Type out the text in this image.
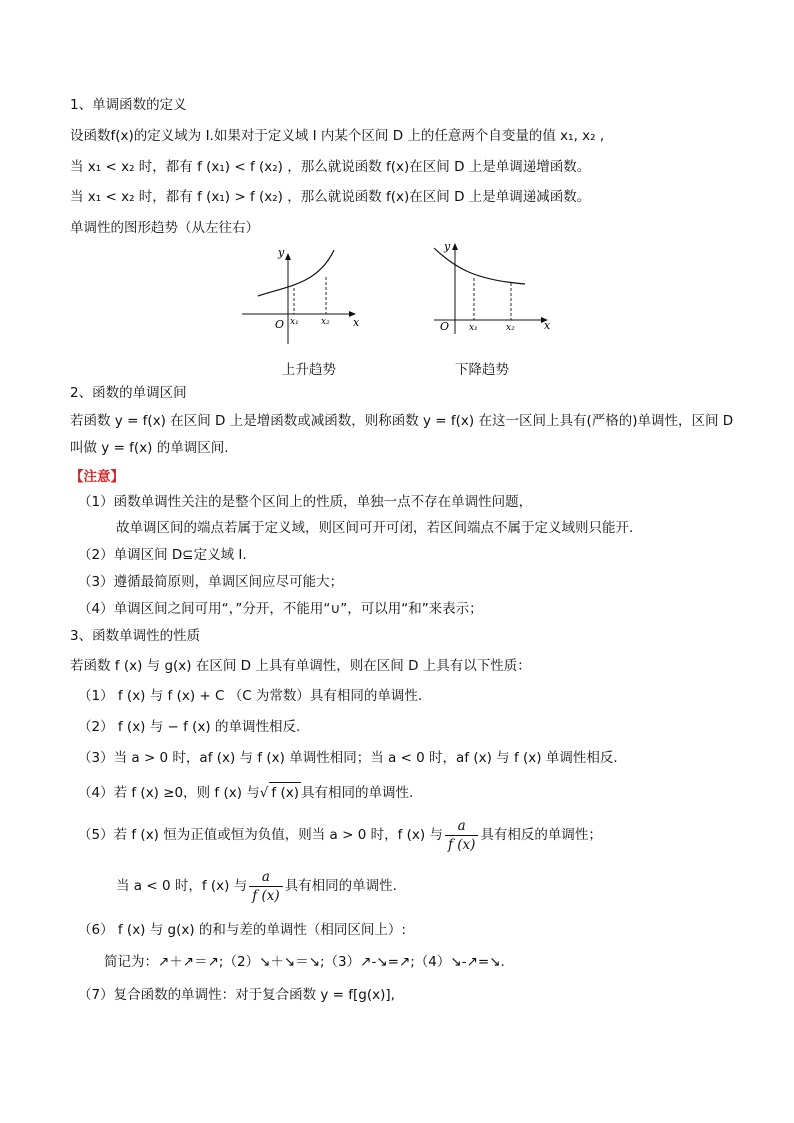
1、单调函数的定义
设函数f(x)的定义域为 I.如果对于定义域 I 内某个区间 D 上的任意两个自变量的值 x₁, x₂ ,
当 x₁ < x₂ 时，都有 f (x₁) < f (x₂) ，那么就说函数 f(x)在区间 D 上是单调递增函数。
当 x₁ < x₂ 时，都有 f (x₁) > f (x₂) ，那么就说函数 f(x)在区间 D 上是单调递减函数。
单调性的图形趋势（从左往右）
y
x
O x₁ x₂
y
x
O x₁	x₂
上升趋势	下降趋势
2、函数的单调区间
若函数 y = f(x) 在区间 D 上是增函数或减函数，则称函数 y = f(x) 在这一区间上具有(严格的)单调性，区间 D
叫做 y = f(x) 的单调区间.
【注意】
（1）函数单调性关注的是整个区间上的性质，单独一点不存在单调性问题，
故单调区间的端点若属于定义域，则区间可开可闭，若区间端点不属于定义域则只能开．
（2）单调区间 D⊆定义域 I.
（3）遵循最简原则，单调区间应尽可能大；
（4）单调区间之间可用“，”分开，不能用“∪”，可以用“和”来表示；
3、函数单调性的性质
若函数 f (x) 与 g(x) 在区间 D 上具有单调性，则在区间 D 上具有以下性质：
（1） f (x) 与 f (x) + C （C 为常数）具有相同的单调性.
（2） f (x) 与 − f (x) 的单调性相反.
（3）当 a > 0 时，af (x) 与 f (x) 单调性相同；当 a < 0 时，af (x) 与 f (x) 单调性相反.
（4）若 f (x) ≥0，则 f (x) 与√ f (x) 具有相同的单调性.
（5）若 f (x) 恒为正值或恒为负值，则当 a > 0 时，f (x) 与 $\frac{a}{f (x)}$ 具有相反的单调性；
当 a < 0 时，f (x) 与 $\frac{a}{f (x)}$ 具有相同的单调性.
（6） f (x) 与 g(x) 的和与差的单调性（相同区间上）:
简记为：↗＋↗＝↗;（2）↘＋↘＝↘;（3）↗-↘=↗;（4）↘-↗=↘.
（7）复合函数的单调性：对于复合函数 y = f[g(x)],
